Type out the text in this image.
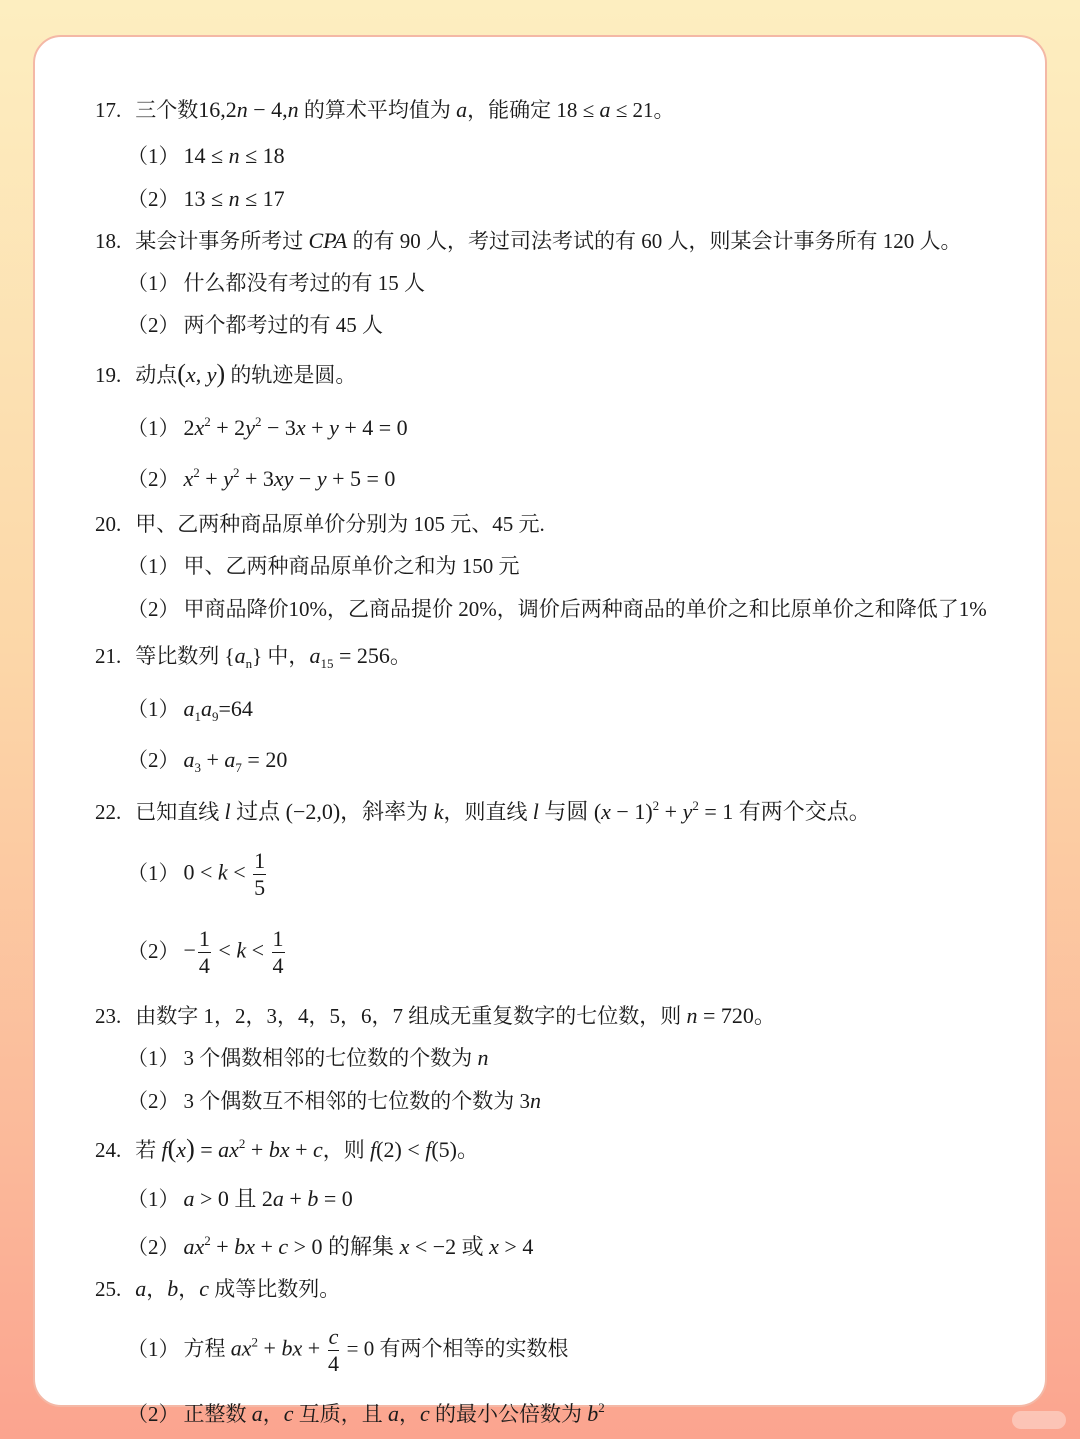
17. 三个数16,2n − 4,n 的算术平均值为 a，能确定 18 ≤ a ≤ 21。
（1） 14 ≤ n ≤ 18
（2） 13 ≤ n ≤ 17
18. 某会计事务所考过 CPA 的有 90 人，考过司法考试的有 60 人，则某会计事务所有 120 人。
（1） 什么都没有考过的有 15 人
（2） 两个都考过的有 45 人
19. 动点(x, y) 的轨迹是圆。
（1） $2x^2 + 2y^2 - 3x + y + 4 = 0$
（2） $x^2 + y^2 + 3xy - y + 5 = 0$
20. 甲、乙两种商品原单价分别为 105 元、45 元.
（1） 甲、乙两种商品原单价之和为 150 元
（2） 甲商品降价10%，乙商品提价 20%，调价后两种商品的单价之和比原单价之和降低了1%
21. 等比数列 $\{a_n\}$ 中，$a_{15} = 256$。
（1） $a_1a_9=64$
（2） $a_3 + a_7 = 20$
22. 已知直线 l 过点 (−2,0)，斜率为 k，则直线 l 与圆 $(x - 1)^2 + y^2 = 1$ 有两个交点。
（1） $0 < k < \frac{1}{5}$
$(2) - \frac{1}{4} < k < \frac{1}{4}$
23. 由数字 1，2，3，4，5，6，7 组成无重复数字的七位数，则 n = 720。
（1） 3 个偶数相邻的七位数的个数为 n
（2） 3 个偶数互不相邻的七位数的个数为 3n
24. 若 $f(x) = ax^2$ + bx + c，则 f(2) < f(5)。
（1） a > 0 且 2a + b = 0
（2） $ax^2$ + bx + c > 0 的解集 x < −2 或 x > 4
25. a，b，c 成等比数列。
（1） 方程 $ax^2$ + bx + $\frac{c}{4} = 0$ 有两个相等的实数根
（2） 正整数 a，c 互质，且 a，c 的最小公倍数为 $b^2$
